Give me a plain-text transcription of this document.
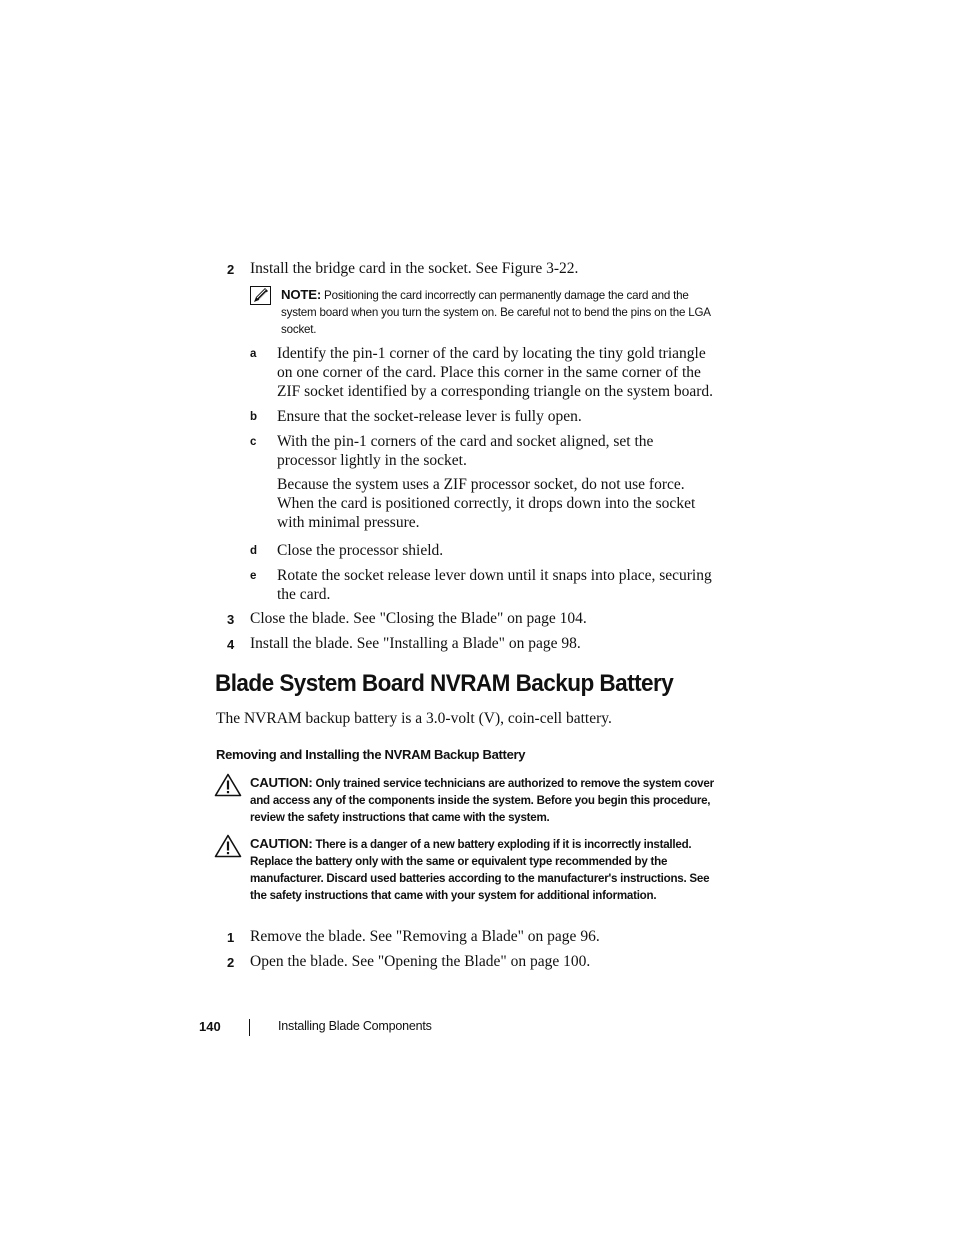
2 Install the bridge card in the socket. See Figure 3-22.
NOTE: Positioning the card incorrectly can permanently damage the card and the system board when you turn the system on. Be careful not to bend the pins on the LGA socket.
a Identify the pin-1 corner of the card by locating the tiny gold triangle on one corner of the card. Place this corner in the same corner of the ZIF socket identified by a corresponding triangle on the system board.
b Ensure that the socket-release lever is fully open.
c With the pin-1 corners of the card and socket aligned, set the processor lightly in the socket.
Because the system uses a ZIF processor socket, do not use force. When the card is positioned correctly, it drops down into the socket with minimal pressure.
d Close the processor shield.
e Rotate the socket release lever down until it snaps into place, securing the card.
3 Close the blade. See "Closing the Blade" on page 104.
4 Install the blade. See "Installing a Blade" on page 98.
Blade System Board NVRAM Backup Battery
The NVRAM backup battery is a 3.0-volt (V), coin-cell battery.
Removing and Installing the NVRAM Backup Battery
CAUTION: Only trained service technicians are authorized to remove the system cover and access any of the components inside the system. Before you begin this procedure, review the safety instructions that came with the system.
CAUTION: There is a danger of a new battery exploding if it is incorrectly installed. Replace the battery only with the same or equivalent type recommended by the manufacturer. Discard used batteries according to the manufacturer's instructions. See the safety instructions that came with your system for additional information.
1 Remove the blade. See "Removing a Blade" on page 96.
2 Open the blade. See "Opening the Blade" on page 100.
140	Installing Blade Components
